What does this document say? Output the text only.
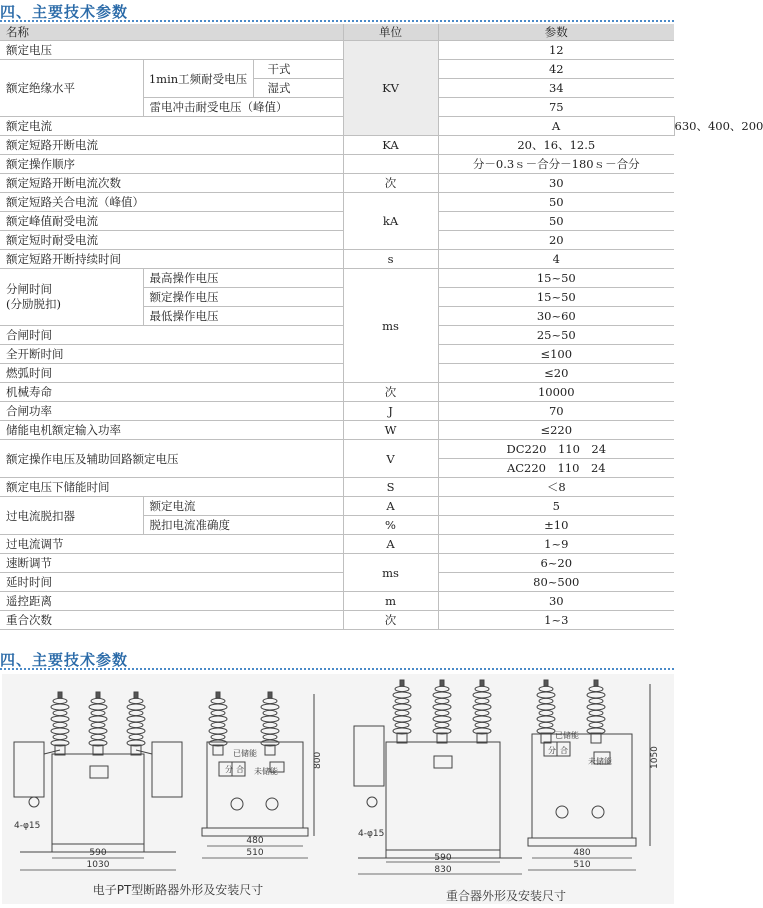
四、主要技术参数
名称			单位	参数	
额定电压			KV	12	
额定绝缘水平	1min工频耐受电压	干式		42	
		湿式		34	
	雷电冲击耐受电压（峰值）			75	
额定电流				A	630、400、200
额定短路开断电流			KA	20、16、12.5	
额定操作顺序				分－0.3ｓ－合分－180ｓ－合分	
额定短路开断电流次数			次	30	
额定短路关合电流（峰值）			kA	50	
额定峰值耐受电流				50	
额定短时耐受电流				20	
额定短路开断持续时间			s	4	
分闸时间
(分励脱扣)	最高操作电压		ms	15~50	
	额定操作电压			15~50	
	最低操作电压			30~60	
合闸时间				25~50	
全开断时间				≤100	
燃弧时间				≤20	
机械寿命			次	10000	
合闸功率			J	70	
储能电机额定输入功率			W	≤220	
额定操作电压及辅助回路额定电压			V	DC220　110　24	
				AC220　110　24	
额定电压下储能时间			S	＜8	
过电流脱扣器	额定电流		A	5	
	脱扣电流准确度		%	±10	
过电流调节			A	1~9	
速断调节			ms	6~20	
延时时间				80~500	
遥控距离			m	30	
重合次数			次	1~3	
四、主要技术参数
4-φ15
590
1030
已储能
未储能
分 合
800
480
510
4-φ15
590
830
已储能
未储能
分 合	1050
480
510
电子PT型断路器外形及安装尺寸	重合器外形及安装尺寸
